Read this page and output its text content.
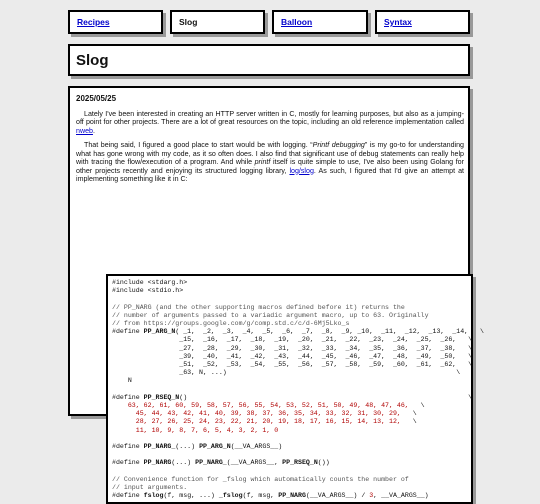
Recipes	Slog	Balloon	Syntax
Slog
2025/05/25

Lately I've been interested in creating an HTTP server written in C, mostly for learning purposes, but also as a jumping-off point for other projects. There are a lot of great resources on the topic, including an old reference implementation called nweb.

That being said, I figured a good place to start would be with logging. “Printf debugging” is my go-to for understanding what has gone wrong with my code, as it so often does. I also find that significant use of debug statements can really help with tracing the flow/execution of a program. And while printf itself is quite simple to use, I've also been using Golang for other projects recently and enjoying its structured logging library, log/slog. As such, I figured that I'd give an attempt at implementing something like it in C:

#include <stdarg.h>
#include <stdio.h>

// PP_NARG (and the other supporting macros defined before it) returns the
// number of arguments passed to a variadic argument macro, up to 63. Originally
// from https://groups.google.com/g/comp.std.c/c/d-6Mj5Lko_s
#define PP_ARG_N( _1,  _2,  _3,  _4,  _5,  _6,  _7,  _8,  _9, _10,  _11,  _12,  _13,  _14,   \
_15,  _16,  _17,  _18,  _19,  _20,  _21,  _22,  _23,  _24,  _25,  _26,   \
_27,  _28,  _29,  _30,  _31,  _32,  _33,  _34,  _35,  _36,  _37,  _38,   \
_39,  _40,  _41,  _42,  _43,  _44,  _45,  _46,  _47,  _48,  _49,  _50,   \
_51,  _52,  _53,  _54,  _55,  _56,  _57,  _58,  _59,  _60,  _61,  _62,   \
_63, N, ...)                                                          \
N

#define PP_RSEQ_N()                                                                       \
63, 62, 61, 60, 59, 58, 57, 56, 55, 54, 53, 52, 51, 50, 49, 48, 47, 46,   \
45, 44, 43, 42, 41, 40, 39, 38, 37, 36, 35, 34, 33, 32, 31, 30, 29,   \
28, 27, 26, 25, 24, 23, 22, 21, 20, 19, 18, 17, 16, 15, 14, 13, 12,   \
11, 10, 9, 8, 7, 6, 5, 4, 3, 2, 1, 0

#define PP_NARG_(...) PP_ARG_N(__VA_ARGS__)

#define PP_NARG(...) PP_NARG_(__VA_ARGS__, PP_RSEQ_N())

// Convenience function for _fslog which automatically counts the number of
// input arguments.
#define fslog(f, msg, ...) _fslog(f, msg, PP_NARG(__VA_ARGS__) / 3, __VA_ARGS__)
